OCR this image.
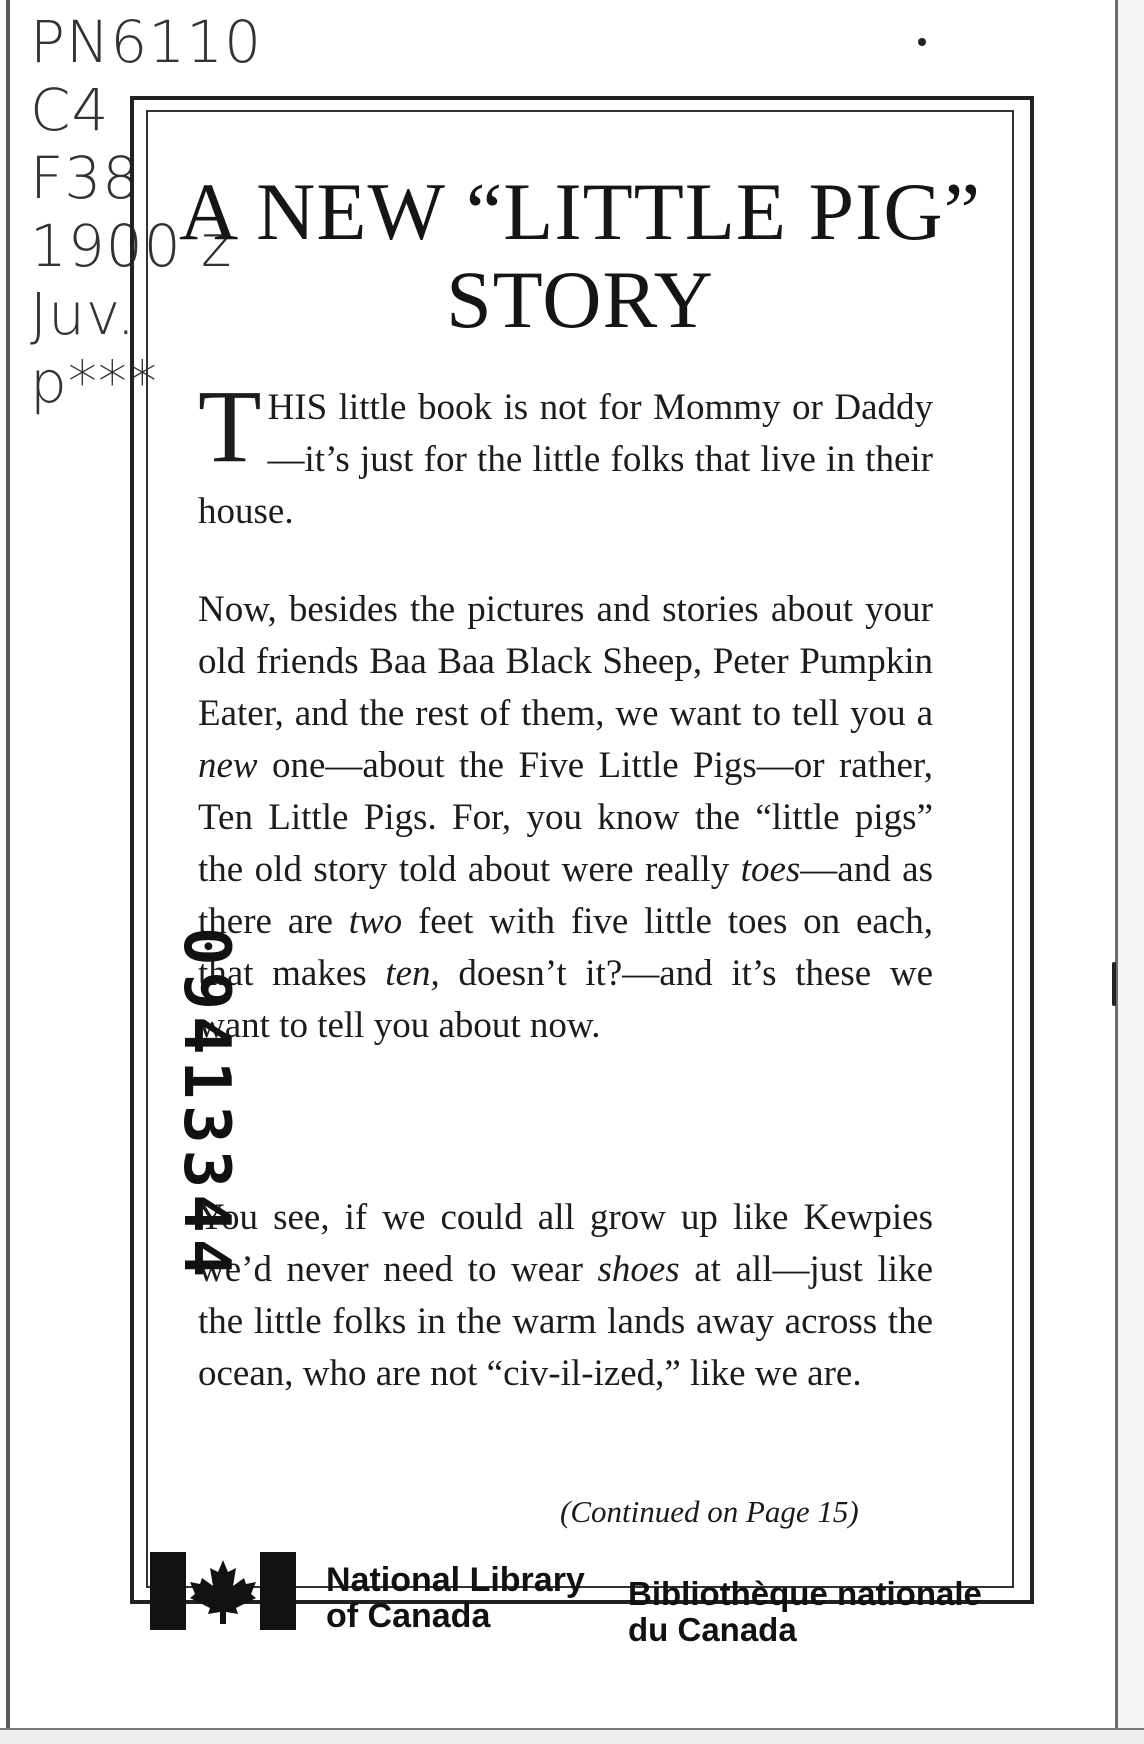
PN6110
C4
F38
1900 z
Juv.
p***
A NEW “LITTLE PIG” STORY
THIS little book is not for Mommy or Daddy—it’s just for the little folks that live in their house.
Now, besides the pictures and stories about your old friends Baa Baa Black Sheep, Peter Pumpkin Eater, and the rest of them, we want to tell you a new one—about the Five Little Pigs—or rather, Ten Little Pigs. For, you know the “little pigs” the old story told about were really toes—and as there are two feet with five little toes on each, that makes ten, doesn’t it?—and it’s these we want to tell you about now.
You see, if we could all grow up like Kewpies we’d never need to wear shoes at all—just like the little folks in the warm lands away across the ocean, who are not “civ-il-ized,” like we are.
(Continued on Page 15)
09413344
National Library
of Canada
Bibliothèque nationale
du Canada
